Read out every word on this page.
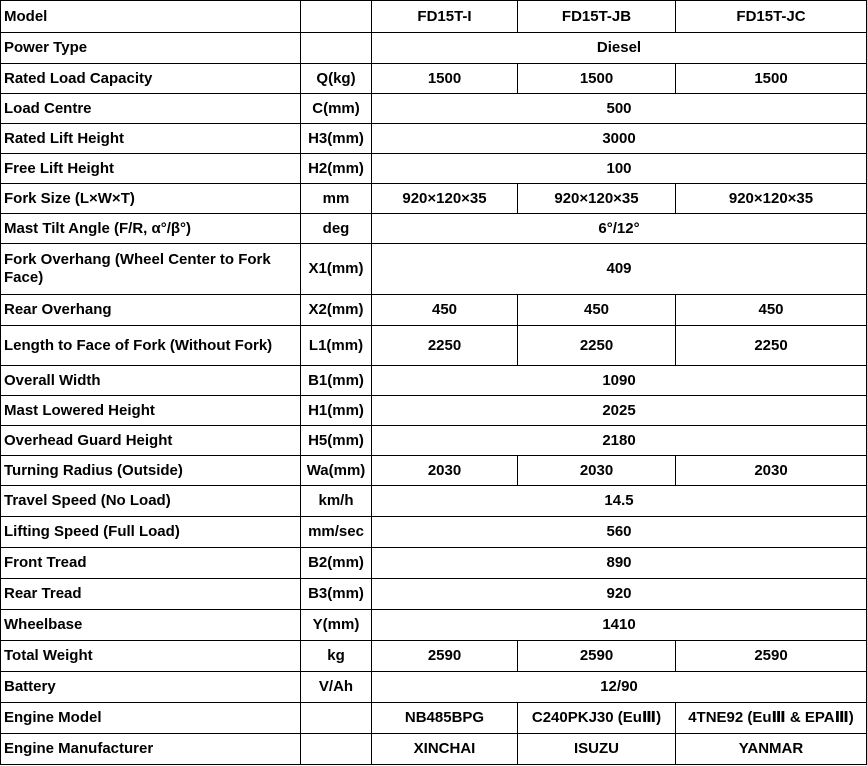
Model		FD15T-I	FD15T-JB	FD15T-JC
Power Type		Diesel		
Rated Load Capacity	Q(kg)	1500	1500	1500
Load Centre	C(mm)	500		
Rated Lift Height	H3(mm)	3000		
Free Lift Height	H2(mm)	100		
Fork Size (L×W×T)	mm	920×120×35	920×120×35	920×120×35
Mast Tilt Angle (F/R, α°/β°)	deg	6°/12°		
Fork Overhang (Wheel Center to Fork Face)	X1(mm)	409		
Rear Overhang	X2(mm)	450	450	450
Length to Face of Fork (Without Fork)	L1(mm)	2250	2250	2250
Overall Width	B1(mm)	1090		
Mast Lowered Height	H1(mm)	2025		
Overhead Guard Height	H5(mm)	2180		
Turning Radius (Outside)	Wa(mm)	2030	2030	2030
Travel Speed (No Load)	km/h	14.5		
Lifting Speed (Full Load)	mm/sec	560		
Front Tread	B2(mm)	890		
Rear Tread	B3(mm)	920		
Wheelbase	Y(mm)	1410		
Total Weight	kg	2590	2590	2590
Battery	V/Ah	12/90		
Engine Model		NB485BPG	C240PKJ30 (EuⅢ)	4TNE92 (EuⅢ & EPAⅢ)
Engine Manufacturer		XINCHAI	ISUZU	YANMAR
